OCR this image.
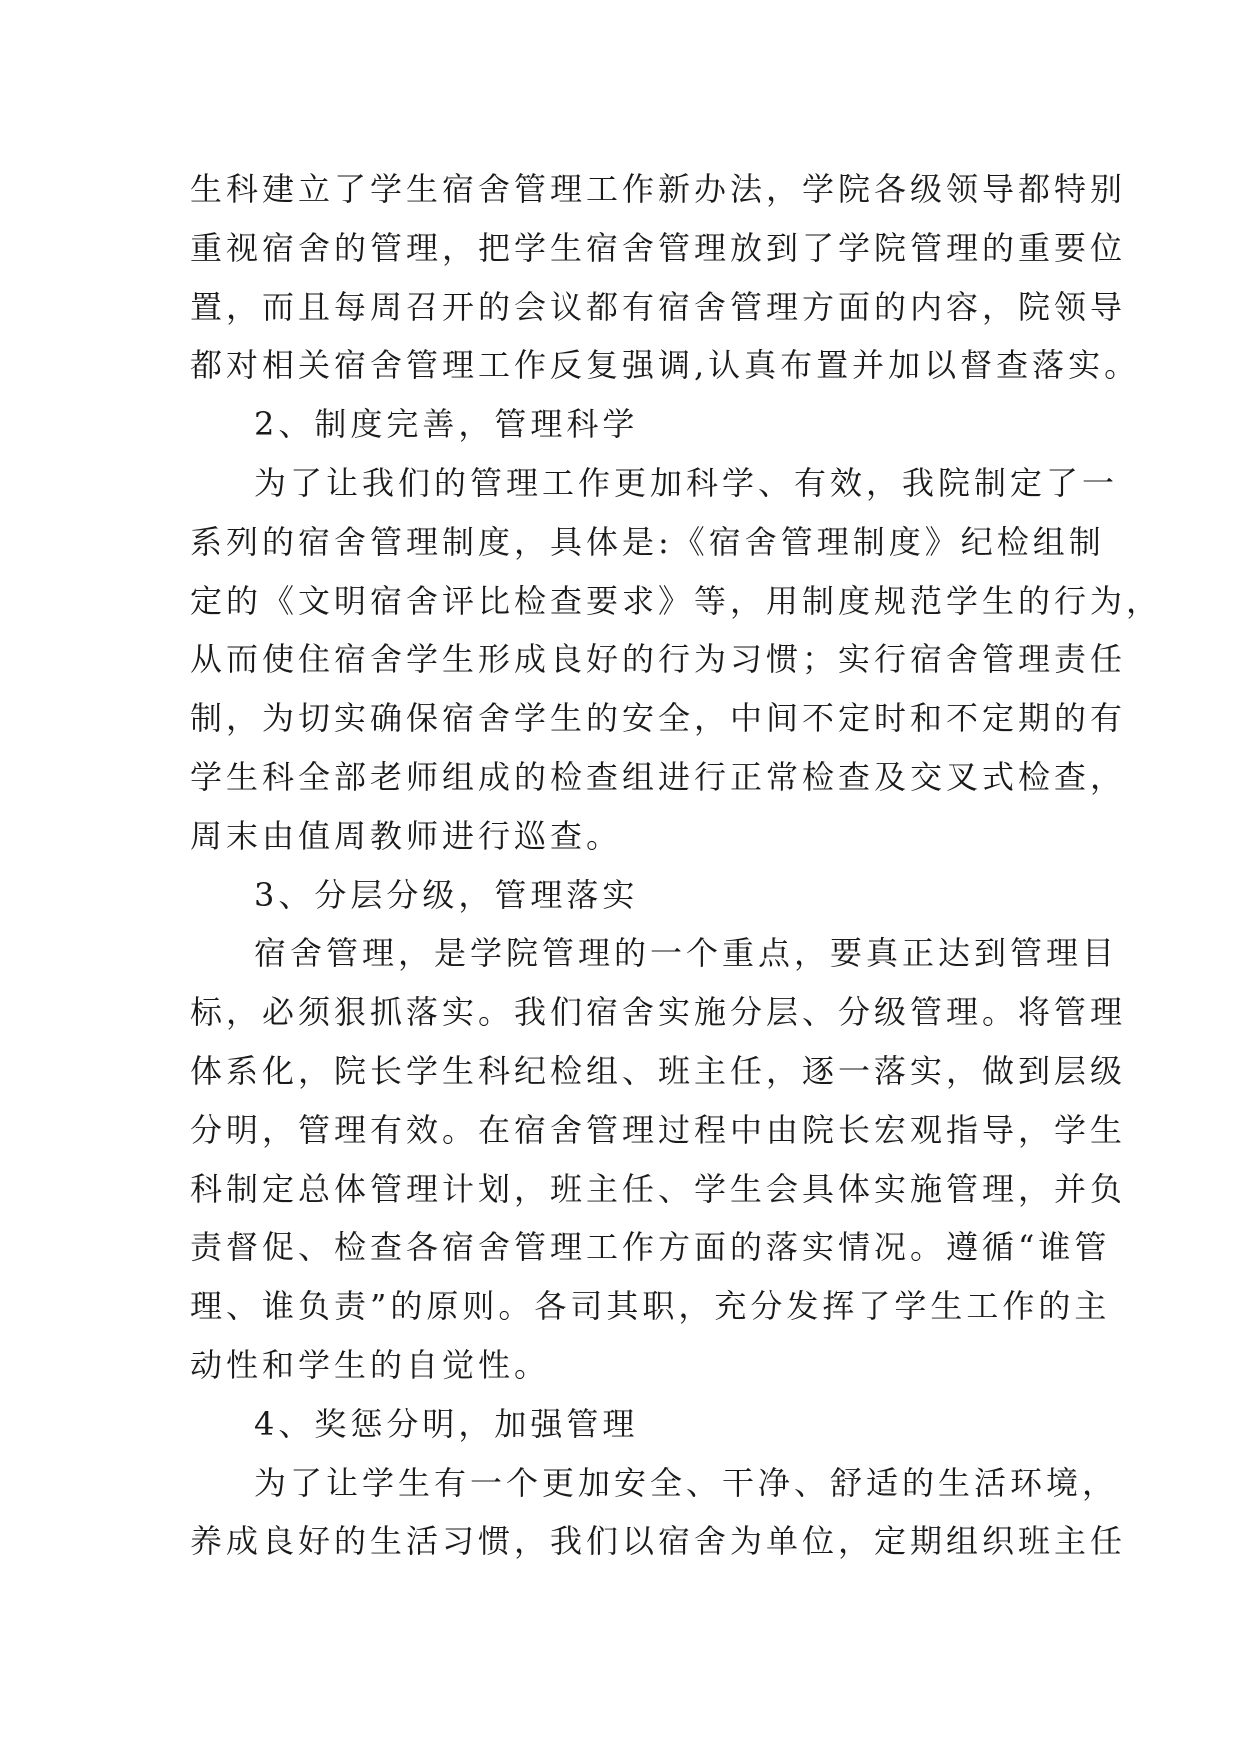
生科建立了学生宿舍管理工作新办法，学院各级领导都特别
重视宿舍的管理，把学生宿舍管理放到了学院管理的重要位
置，而且每周召开的会议都有宿舍管理方面的内容，院领导
都对相关宿舍管理工作反复强调,认真布置并加以督查落实。
2、制度完善，管理科学
为了让我们的管理工作更加科学、有效，我院制定了一
系列的宿舍管理制度，具体是:《宿舍管理制度》纪检组制
定的《文明宿舍评比检查要求》等，用制度规范学生的行为，
从而使住宿舍学生形成良好的行为习惯；实行宿舍管理责任
制，为切实确保宿舍学生的安全，中间不定时和不定期的有
学生科全部老师组成的检查组进行正常检查及交叉式检查，
周末由值周教师进行巡查。
3、分层分级，管理落实
宿舍管理，是学院管理的一个重点，要真正达到管理目
标，必须狠抓落实。我们宿舍实施分层、分级管理。将管理
体系化，院长学生科纪检组、班主任，逐一落实，做到层级
分明，管理有效。在宿舍管理过程中由院长宏观指导，学生
科制定总体管理计划，班主任、学生会具体实施管理，并负
责督促、检查各宿舍管理工作方面的落实情况。遵循“谁管
理、谁负责”的原则。各司其职，充分发挥了学生工作的主
动性和学生的自觉性。
4、奖惩分明，加强管理
为了让学生有一个更加安全、干净、舒适的生活环境，
养成良好的生活习惯，我们以宿舍为单位，定期组织班主任
